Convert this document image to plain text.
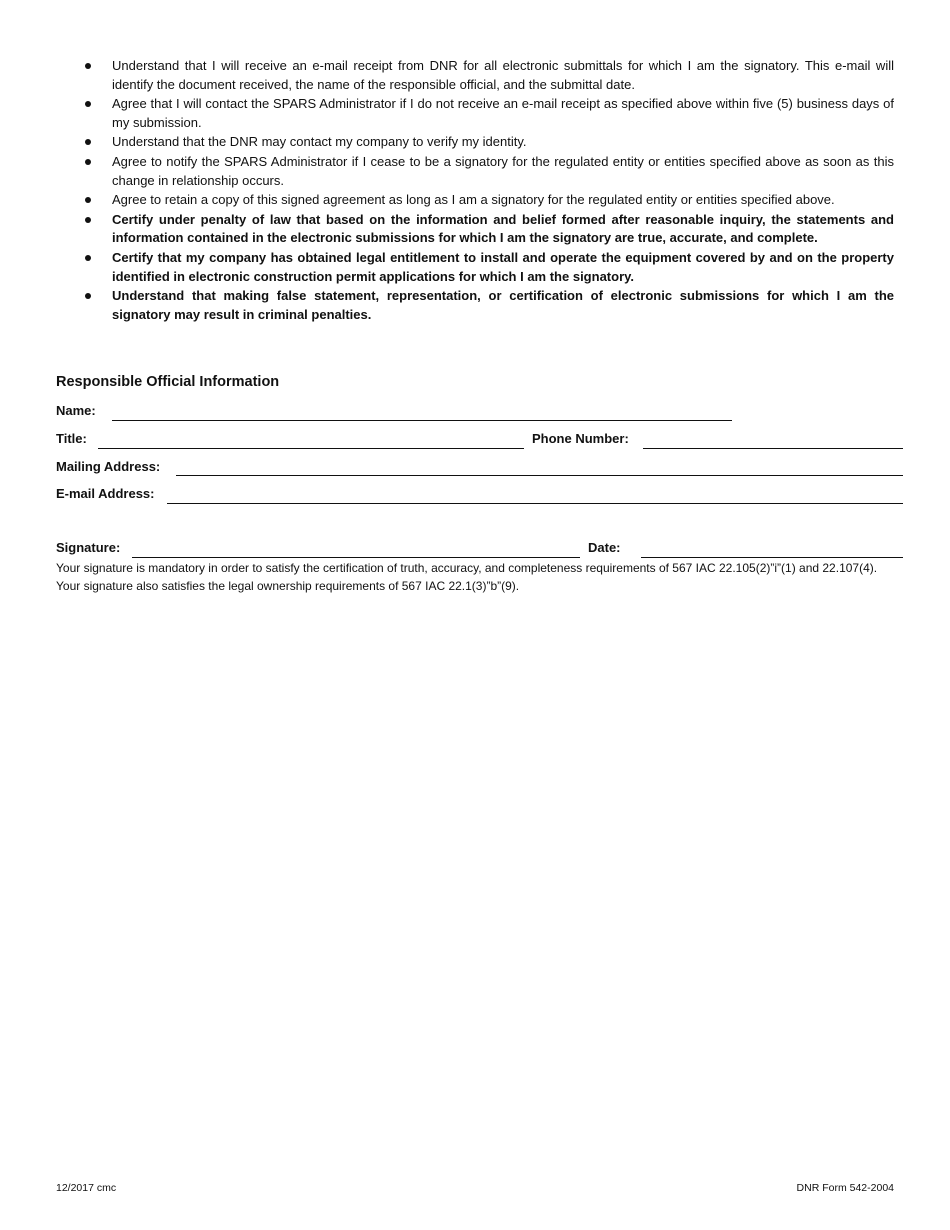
Understand that I will receive an e-mail receipt from DNR for all electronic submittals for which I am the signatory. This e-mail will identify the document received, the name of the responsible official, and the submittal date.
Agree that I will contact the SPARS Administrator if I do not receive an e-mail receipt as specified above within five (5) business days of my submission.
Understand that the DNR may contact my company to verify my identity.
Agree to notify the SPARS Administrator if I cease to be a signatory for the regulated entity or entities specified above as soon as this change in relationship occurs.
Agree to retain a copy of this signed agreement as long as I am a signatory for the regulated entity or entities specified above.
Certify under penalty of law that based on the information and belief formed after reasonable inquiry, the statements and information contained in the electronic submissions for which I am the signatory are true, accurate, and complete.
Certify that my company has obtained legal entitlement to install and operate the equipment covered by and on the property identified in electronic construction permit applications for which I am the signatory.
Understand that making false statement, representation, or certification of electronic submissions for which I am the signatory may result in criminal penalties.
Responsible Official Information
Name:
Title:	Phone Number:
Mailing Address:
E-mail Address:
Signature:	Date:

Your signature is mandatory in order to satisfy the certification of truth, accuracy, and completeness requirements of 567 IAC 22.105(2)”i”(1) and 22.107(4). Your signature also satisfies the legal ownership requirements of 567 IAC 22.1(3)”b”(9).

12/2017 cmc	DNR Form 542-2004
